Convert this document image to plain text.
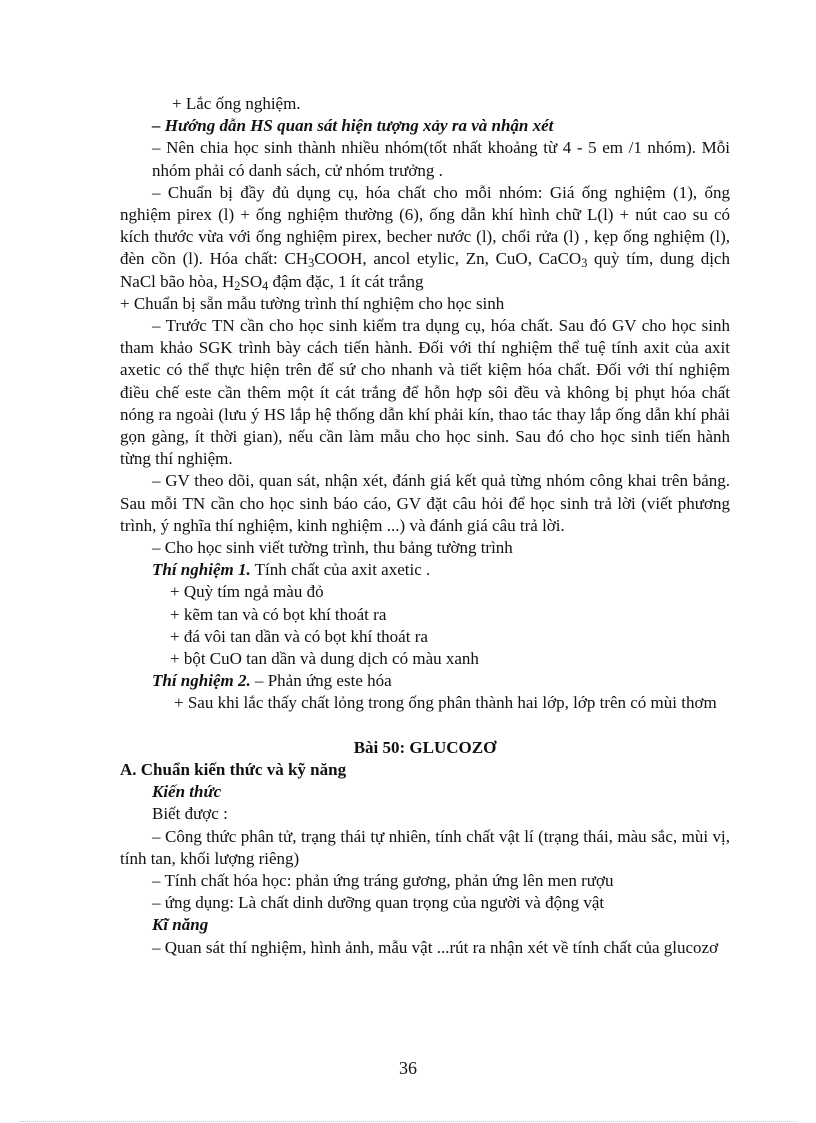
+ Lắc ống nghiệm.

– Hướng dẫn HS quan sát hiện tượng xảy ra và nhận xét

– Nên chia học sinh thành nhiều nhóm(tốt nhất khoảng từ 4 - 5 em /1 nhóm). Mỗi nhóm phải có danh sách, cử nhóm trưởng .

– Chuẩn bị đầy đủ dụng cụ, hóa chất cho mỗi nhóm: Giá ống nghiệm (1), ống nghiệm pirex (l) + ống nghiệm thường (6), ống dẫn khí hình chữ L(l) + nút cao su có kích thước vừa với ống nghiệm pirex, becher nước (l), chổi rửa (l) , kẹp ống nghiệm (l), đèn cồn (l). Hóa chất: $CH_3COOH$, ancol etylic, Zn, CuO, CaCO$_3$ quỳ tím, dung dịch NaCl bão hòa, $H_2SO_4$ đậm đặc, 1 ít cát trắng

+ Chuẩn bị sẵn mẫu tường trình thí nghiệm cho học sinh

– Trước TN cần cho học sinh kiểm tra dụng cụ, hóa chất. Sau đó GV cho học sinh tham khảo SGK trình bày cách tiến hành. Đối với thí nghiệm thể tuệ tính axit của axit axetic có thể thực hiện trên đế sứ cho nhanh và tiết kiệm hóa chất. Đối với thí nghiệm điều chế este cần thêm một ít cát trắng để hỗn hợp sôi đều và không bị phụt hóa chất nóng ra ngoài (lưu ý HS lắp hệ thống dẫn khí phải kín, thao tác thay lắp ống dẫn khí phải gọn gàng, ít thời gian), nếu cần làm mẫu cho học sinh. Sau đó cho học sinh tiến hành từng thí nghiệm.

– GV theo dõi, quan sát, nhận xét, đánh giá kết quả từng nhóm công khai trên bảng. Sau mỗi TN cần cho học sinh báo cáo, GV đặt câu hỏi để học sinh trả lời (viết phương trình, ý nghĩa thí nghiệm, kinh nghiệm ...) và đánh giá câu trả lời.

– Cho học sinh viết tường trình, thu bảng tường trình

Thí nghiệm 1. Tính chất của axit axetic .

+ Quỳ tím ngả màu đỏ

+ kẽm tan và có bọt khí thoát ra

+ đá vôi tan dần và có bọt khí thoát ra

+ bột CuO tan dần và dung dịch có màu xanh

Thí nghiệm 2. – Phản ứng este hóa

+ Sau khi lắc thấy chất lỏng trong ống phân thành hai lớp, lớp trên có mùi thơm

Bài 50: GLUCOZƠ

A. Chuẩn kiến thức và kỹ năng

Kiến thức

Biết được :

– Công thức phân tử, trạng thái tự nhiên, tính chất vật lí (trạng thái, màu sắc, mùi vị, tính tan, khối lượng riêng)

– Tính chất hóa học: phản ứng tráng gương, phản ứng lên men rượu

– ứng dụng: Là chất dinh dưỡng quan trọng của người và động vật

Kĩ năng

– Quan sát thí nghiệm, hình ảnh, mẫu vật ...rút ra nhận xét về tính chất của glucozơ

36
